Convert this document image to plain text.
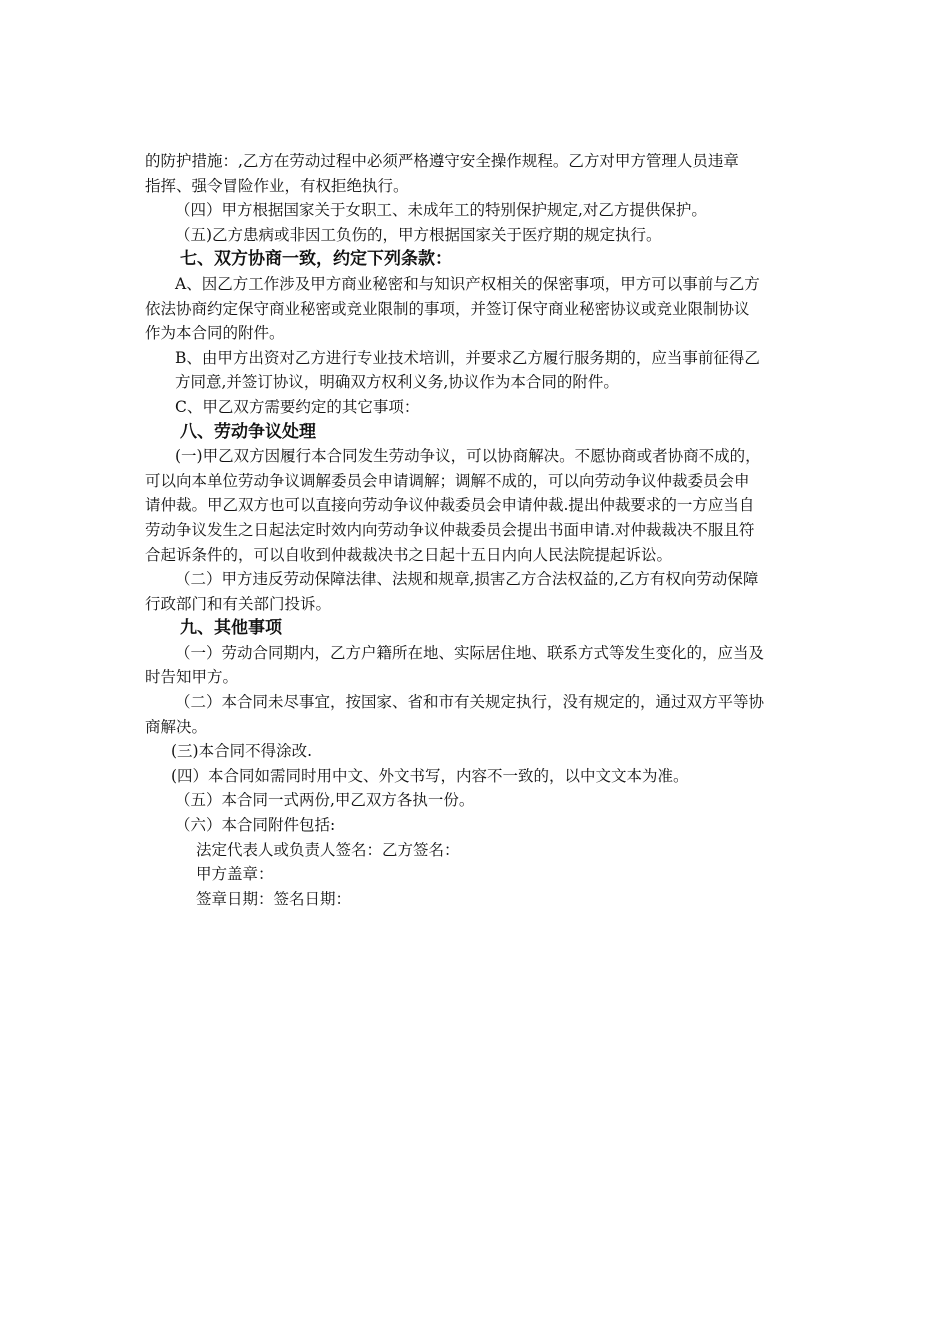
的防护措施：,乙方在劳动过程中必须严格遵守安全操作规程。乙方对甲方管理人员违章
指挥、强令冒险作业，有权拒绝执行。
（四）甲方根据国家关于女职工、未成年工的特别保护规定,对乙方提供保护。
（五)乙方患病或非因工负伤的，甲方根据国家关于医疗期的规定执行。
七、双方协商一致，约定下列条款：
A、因乙方工作涉及甲方商业秘密和与知识产权相关的保密事项，甲方可以事前与乙方
依法协商约定保守商业秘密或竞业限制的事项，并签订保守商业秘密协议或竞业限制协议
作为本合同的附件。
B、由甲方出资对乙方进行专业技术培训，并要求乙方履行服务期的，应当事前征得乙
方同意,并签订协议，明确双方权利义务,协议作为本合同的附件。
C、甲乙双方需要约定的其它事项：
八、劳动争议处理
(一)甲乙双方因履行本合同发生劳动争议，可以协商解决。不愿协商或者协商不成的，
可以向本单位劳动争议调解委员会申请调解；调解不成的，可以向劳动争议仲裁委员会申
请仲裁。甲乙双方也可以直接向劳动争议仲裁委员会申请仲裁.提出仲裁要求的一方应当自
劳动争议发生之日起法定时效内向劳动争议仲裁委员会提出书面申请.对仲裁裁决不服且符
合起诉条件的，可以自收到仲裁裁决书之日起十五日内向人民法院提起诉讼。
（二）甲方违反劳动保障法律、法规和规章,损害乙方合法权益的,乙方有权向劳动保障
行政部门和有关部门投诉。
九、其他事项
（一）劳动合同期内，乙方户籍所在地、实际居住地、联系方式等发生变化的，应当及
时告知甲方。
（二）本合同未尽事宜，按国家、省和市有关规定执行，没有规定的，通过双方平等协
商解决。
(三)本合同不得涂改.
(四）本合同如需同时用中文、外文书写，内容不一致的，以中文文本为准。
（五）本合同一式两份,甲乙双方各执一份。
（六）本合同附件包括:
法定代表人或负责人签名：乙方签名：
甲方盖章：
签章日期：签名日期：
